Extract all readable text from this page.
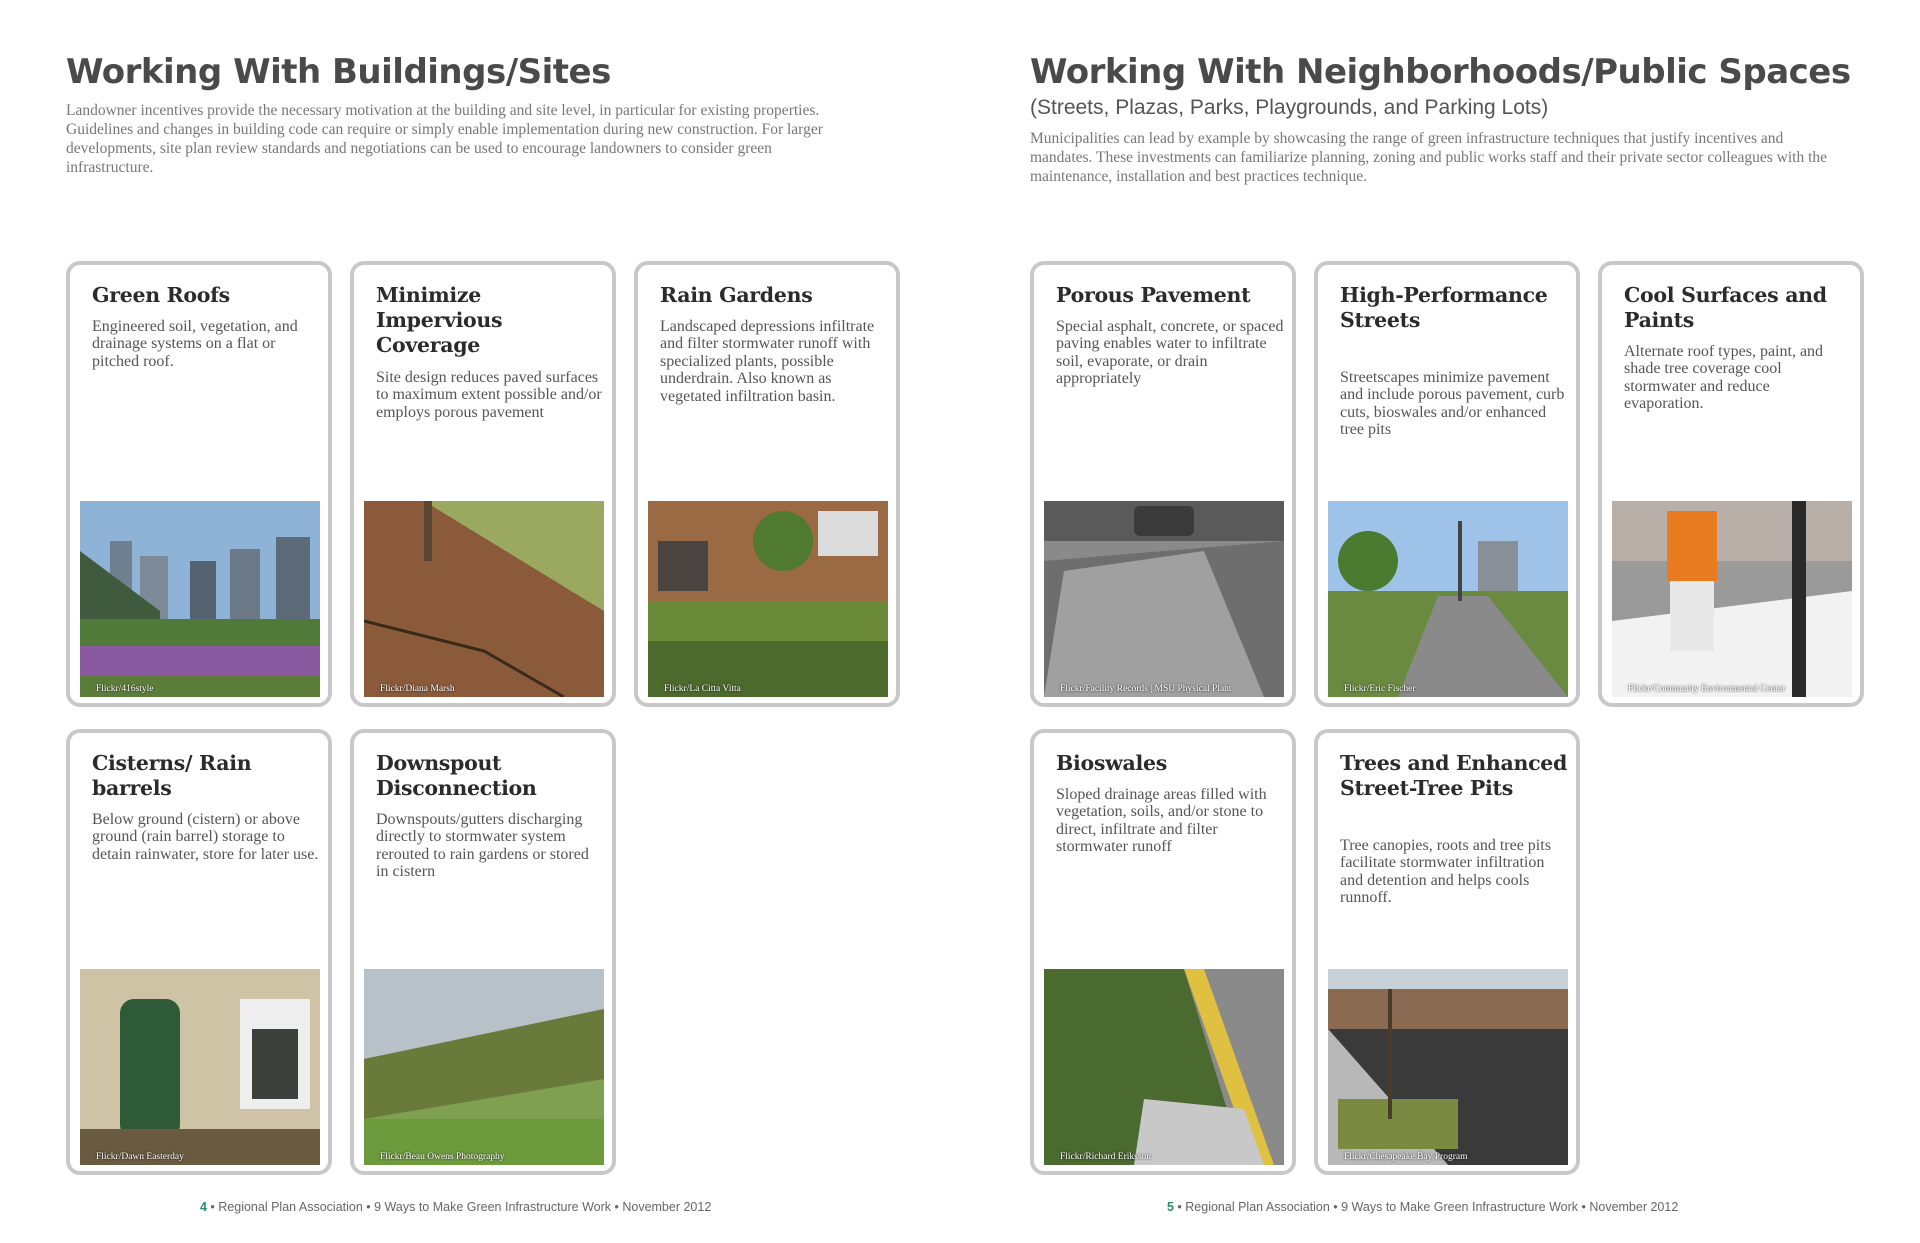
Working With Buildings/Sites

Landowner incentives provide the necessary motivation at the building and site level, in particular for existing properties. Guidelines and changes in building code can require or simply enable implementation during new construction. For larger developments, site plan review standards and negotiations can be used to encourage landowners to consider green infrastructure.

Green Roofs

Engineered soil, vegetation, and drainage systems on a flat or pitched roof.

Flickr/416style

Minimize Impervious Coverage

Site design reduces paved surfaces to maximum extent possible and/or employs porous pavement

Flickr/Diana Marsh

Rain Gardens

Landscaped depressions infiltrate and filter stormwater runoff with specialized plants, possible underdrain. Also known as vegetated infiltration basin.

Flickr/La Citta Vitta

Cisterns/ Rain barrels

Below ground (cistern) or above ground (rain barrel) storage to detain rainwater, store for later use.

Flickr/Dawn Easterday

Downspout Disconnection

Downspouts/gutters discharging directly to stormwater system rerouted to rain gardens or stored in cistern

Flickr/Beau Owens Photography

4 • Regional Plan Association • 9 Ways to Make Green Infrastructure Work • November 2012

Working With Neighborhoods/Public Spaces

(Streets, Plazas, Parks, Playgrounds, and Parking Lots)

Municipalities can lead by example by showcasing the range of green infrastructure techniques that justify incentives and mandates. These investments can familiarize planning, zoning and public works staff and their private sector colleagues with the maintenance, installation and best practices technique.

Porous Pavement

Special asphalt, concrete, or spaced paving enables water to infiltrate soil, evaporate, or drain appropriately

Flickr/Facility Records | MSU Physical Plant

High-Performance Streets

Streetscapes minimize pavement and include porous pavement, curb cuts, bioswales and/or enhanced tree pits

Flickr/Eric Fischer

Cool Surfaces and Paints

Alternate roof types, paint, and shade tree coverage cool stormwater and reduce evaporation.

Flickr/Community Environmental Center

Bioswales

Sloped drainage areas filled with vegetation, soils, and/or stone to direct, infiltrate and filter stormwater runoff

Flickr/Richard Eriksson

Trees and Enhanced Street-Tree Pits

Tree canopies, roots and tree pits facilitate stormwater infiltration and detention and helps cools runnoff.

Flickr/Chesapeake Bay Program

5 • Regional Plan Association • 9 Ways to Make Green Infrastructure Work • November 2012
